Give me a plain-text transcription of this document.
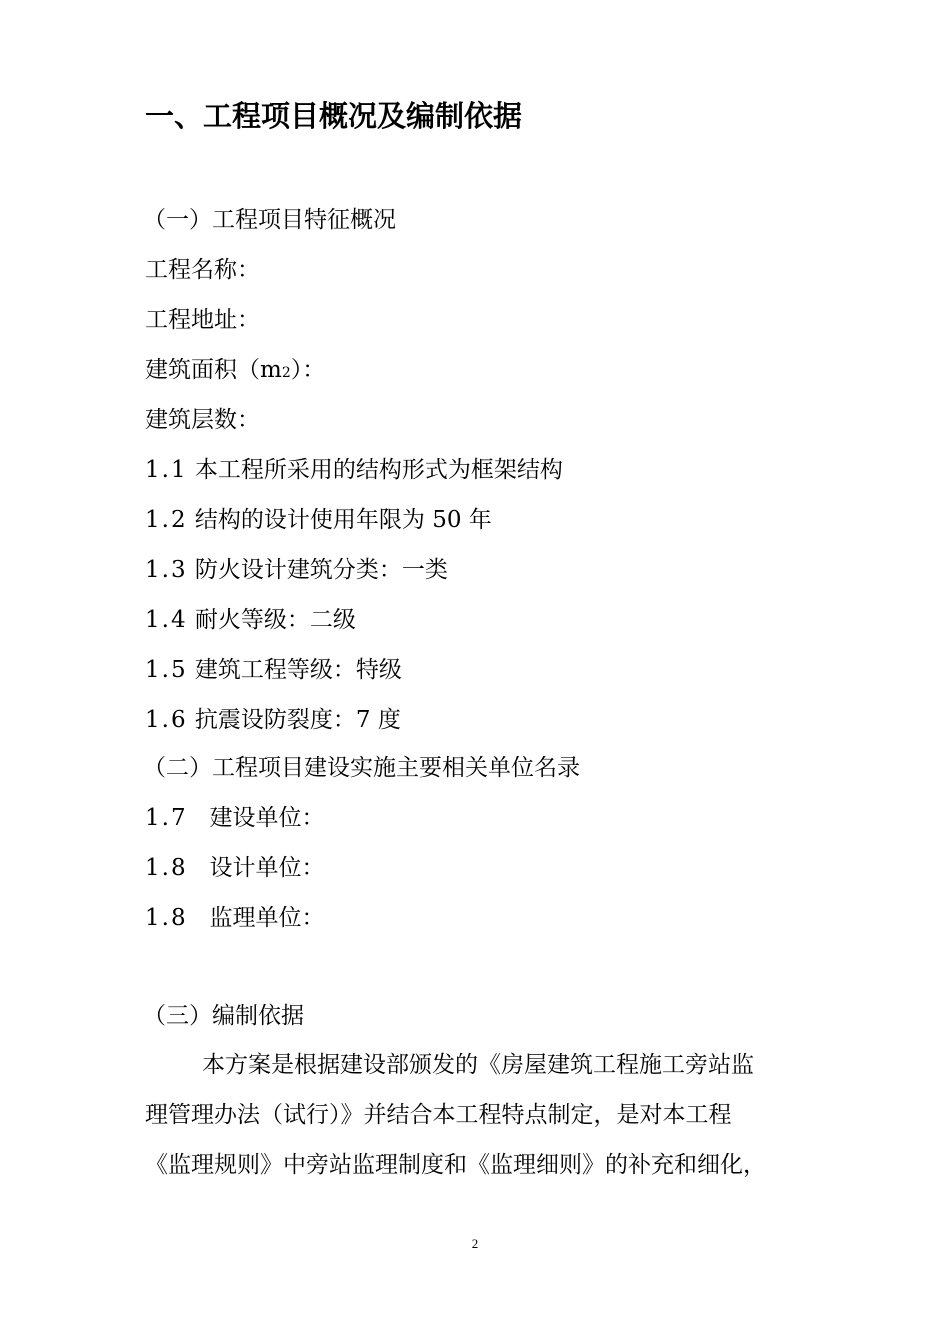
一、工程项目概况及编制依据
（一）工程项目特征概况
工程名称：
工程地址：
建筑面积（m2）：
建筑层数：
1.1 本工程所采用的结构形式为框架结构
1.2 结构的设计使用年限为 50 年
1.3 防火设计建筑分类：一类
1.4 耐火等级：二级
1.5 建筑工程等级：特级
1.6 抗震设防裂度：7 度
（二）工程项目建设实施主要相关单位名录
1.7 建设单位：
1.8 设计单位：
1.8 监理单位：
（三）编制依据
本方案是根据建设部颁发的《房屋建筑工程施工旁站监
理管理办法（试行）》并结合本工程特点制定，是对本工程
《监理规则》中旁站监理制度和《监理细则》的补充和细化，
2
